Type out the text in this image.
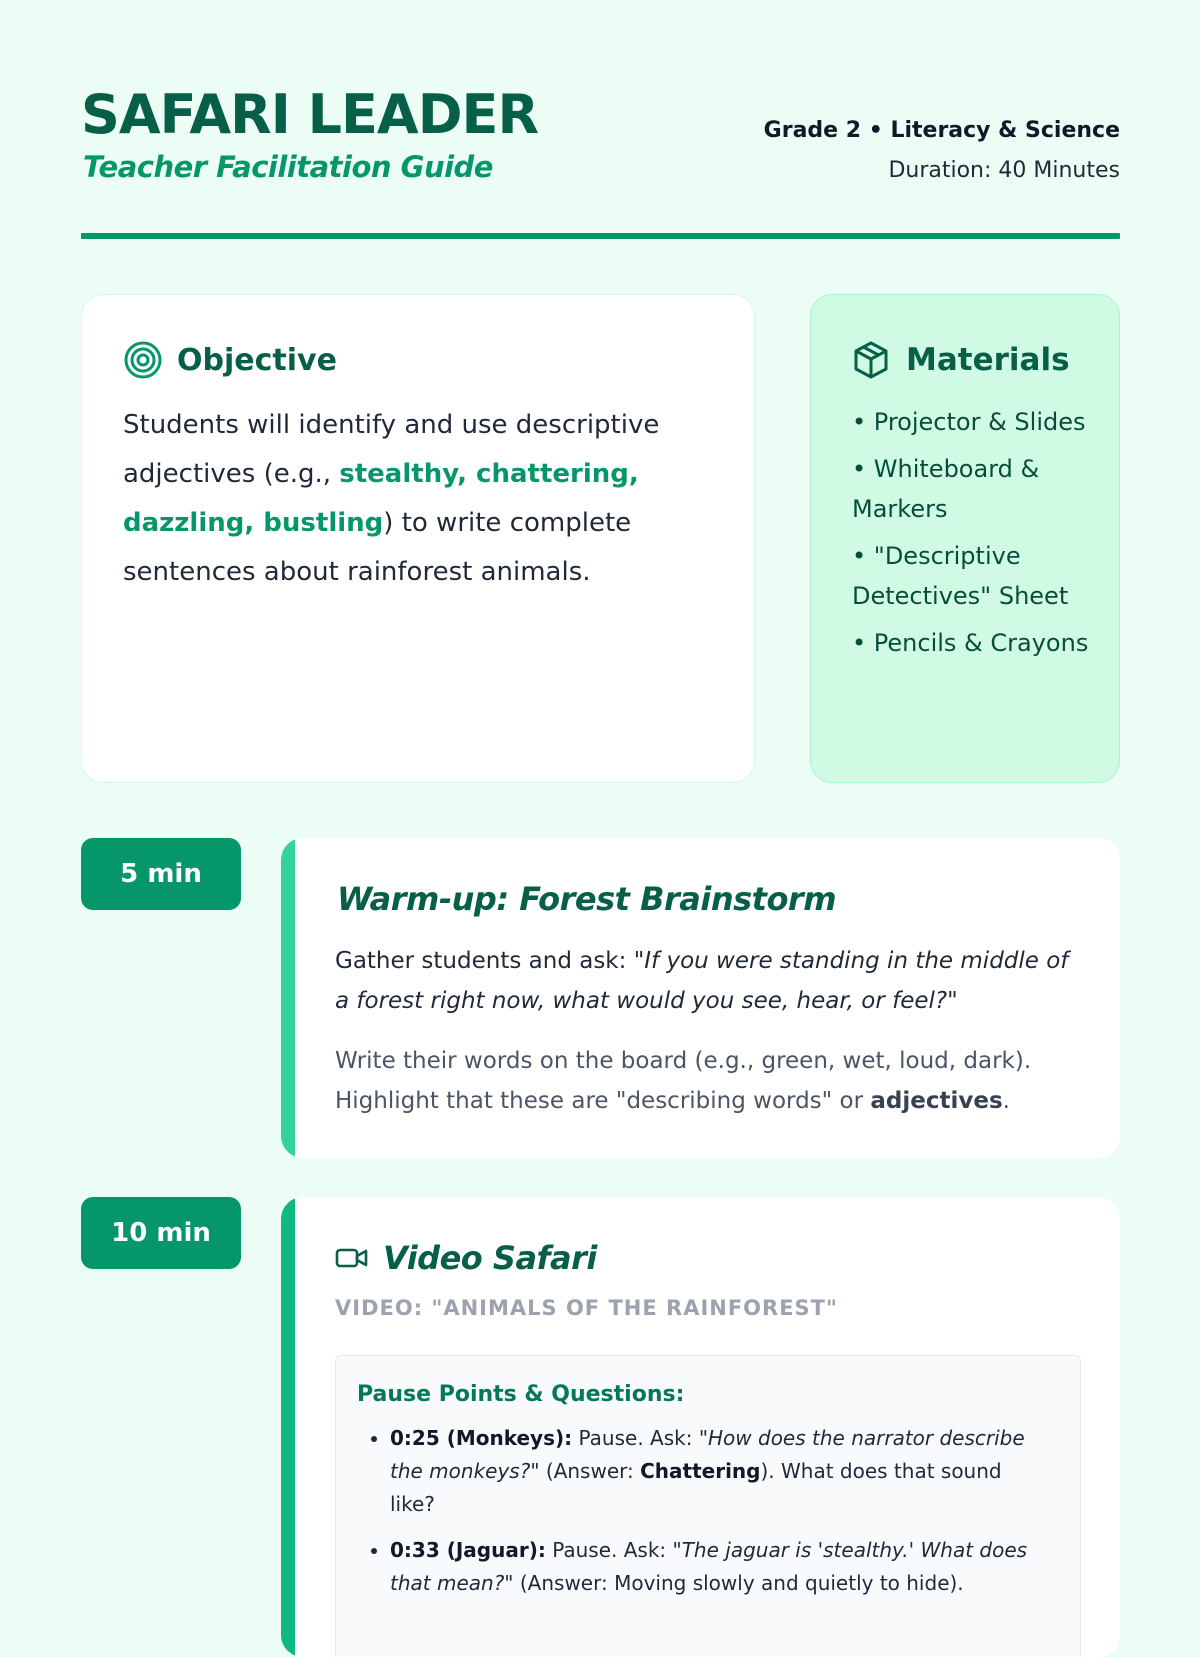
SAFARI LEADER
Teacher Facilitation Guide
Grade 2 • Literacy & Science
Duration: 40 Minutes
Objective
Students will identify and use descriptive adjectives (e.g., stealthy, chattering, dazzling, bustling) to write complete sentences about rainforest animals.
Materials
• Projector & Slides
• Whiteboard & Markers
• "Descriptive Detectives" Sheet
• Pencils & Crayons
5 min
Warm-up: Forest Brainstorm
Gather students and ask: "If you were standing in the middle of a forest right now, what would you see, hear, or feel?"
Write their words on the board (e.g., green, wet, loud, dark). Highlight that these are "describing words" or adjectives.
10 min
Video Safari
VIDEO: "ANIMALS OF THE RAINFOREST"
Pause Points & Questions:
• 0:25 (Monkeys): Pause. Ask: "How does the narrator describe the monkeys?" (Answer: Chattering). What does that sound like?
• 0:33 (Jaguar): Pause. Ask: "The jaguar is 'stealthy.' What does that mean?" (Answer: Moving slowly and quietly to hide).
